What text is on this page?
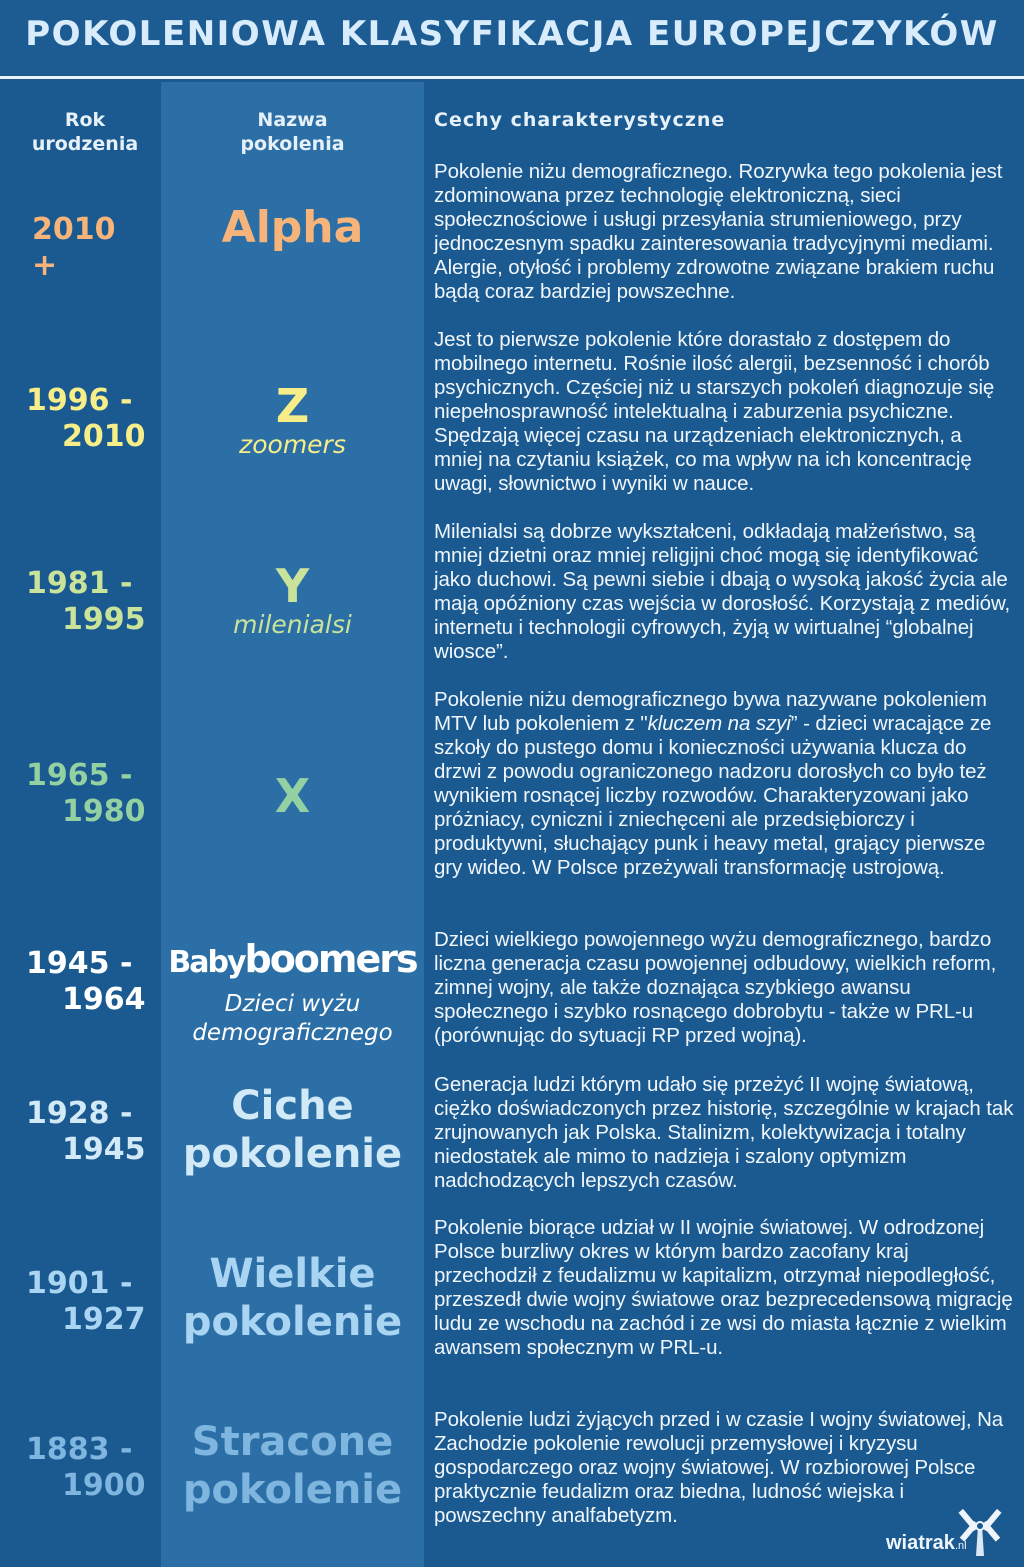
POKOLENIOWA KLASYFIKACJA EUROPEJCZYKÓW
Rok
urodzenia
Nazwa
pokolenia
Cechy charakterystyczne
2010 +
Alpha
Pokolenie niżu demograficznego. Rozrywka tego pokolenia jest zdominowana przez technologię elektroniczną, sieci społecznościowe i usługi przesyłania strumieniowego, przy jednoczesnym spadku zainteresowania tradycyjnymi mediami. Alergie, otyłość i problemy zdrowotne związane brakiem ruchu bądą coraz bardziej powszechne.
1996 -
2010
Z
zoomers
Jest to pierwsze pokolenie które dorastało z dostępem do mobilnego internetu. Rośnie ilość alergii, bezsenność i chorób psychicznych. Częściej niż u starszych pokoleń diagnozuje się niepełnosprawność intelektualną i zaburzenia psychiczne. Spędzają więcej czasu na urządzeniach elektronicznych, a mniej na czytaniu książek, co ma wpływ na ich koncentrację uwagi, słownictwo i wyniki w nauce.
1981 -
1995
Y
milenialsi
Milenialsi są dobrze wykształceni, odkładają małżeństwo, są mniej dzietni oraz mniej religijni choć mogą się identyfikować jako duchowi. Są pewni siebie i dbają o wysoką jakość życia ale mają opóźniony czas wejścia w dorosłość. Korzystają z mediów, internetu i technologii cyfrowych, żyją w wirtualnej “globalnej wiosce”.
1965 -
1980	X
Pokolenie niżu demograficznego bywa nazywane pokoleniem MTV lub pokoleniem z "kluczem na szyi” - dzieci wracające ze szkoły do pustego domu i konieczności używania klucza do drzwi z powodu ograniczonego nadzoru dorosłych co było też wynikiem rosnącej liczby rozwodów. Charakteryzowani jako próżniacy, cyniczni i zniechęceni ale przedsiębiorczy i produktywni, słuchający punk i heavy metal, grający pierwsze gry wideo. W Polsce przeżywali transformację ustrojową.
1945 -
1964
Babyboomers
Dzieci wyżu demograficznego
Dzieci wielkiego powojennego wyżu demograficznego, bardzo liczna generacja czasu powojennej odbudowy, wielkich reform, zimnej wojny, ale także doznająca szybkiego awansu społecznego i szybko rosnącego dobrobytu - także w PRL-u (porównując do sytuacji RP przed wojną).
1928 -
1945
Ciche
pokolenie
Generacja ludzi którym udało się przeżyć II wojnę światową, ciężko doświadczonych przez historię, szczególnie w krajach tak zrujnowanych jak Polska. Stalinizm, kolektywizacja i totalny niedostatek ale mimo to nadzieja i szalony optymizm nadchodzących lepszych czasów.
1901 -
1927
Wielkie
pokolenie
Pokolenie biorące udział w II wojnie światowej. W odrodzonej Polsce burzliwy okres w którym bardzo zacofany kraj przechodził z feudalizmu w kapitalizm, otrzymał niepodległość, przeszedł dwie wojny światowe oraz bezprecedensową migrację ludu ze wschodu na zachód i ze wsi do miasta łącznie z wielkim awansem społecznym w PRL-u.
1883 -
1900
Stracone
pokolenie
Pokolenie ludzi żyjących przed i w czasie I wojny światowej, Na Zachodzie pokolenie rewolucji przemysłowej i kryzysu gospodarczego oraz wojny światowej. W rozbiorowej Polsce praktycznie feudalizm oraz biedna, ludność wiejska i powszechny analfabetyzm.
wiatrak.nl
